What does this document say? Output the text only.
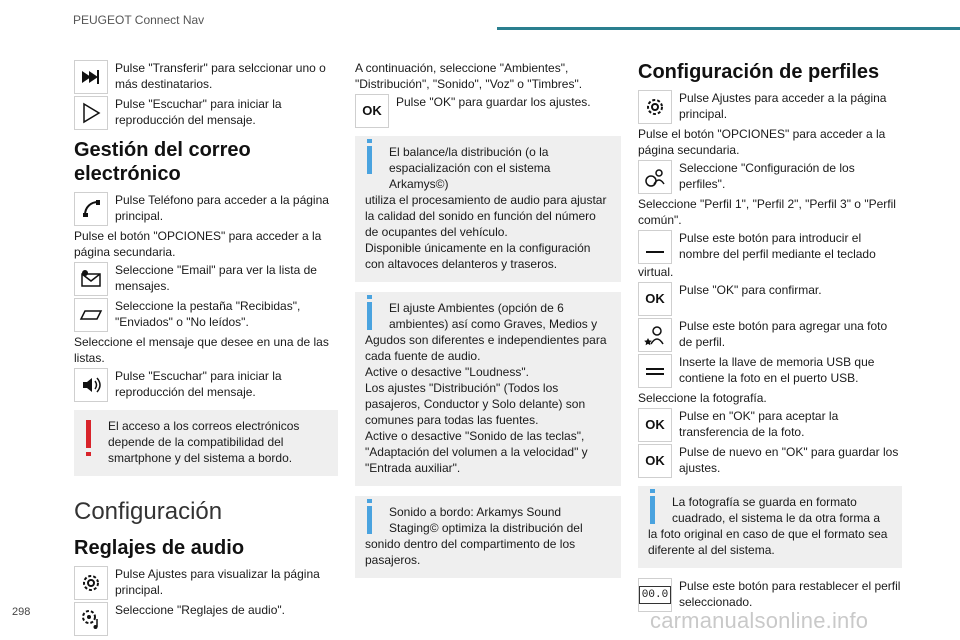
PEUGEOT Connect Nav
Pulse "Transferir" para selccionar uno o más destinatarios.
Pulse "Escuchar" para iniciar la reproducción del mensaje.
Gestión del correo electrónico
Pulse Teléfono para acceder a la página principal.

Pulse el botón "OPCIONES" para acceder a la página secundaria.

Seleccione "Email" para ver la lista de mensajes.
Seleccione la pestaña "Recibidas", "Enviados" o "No leídos".

Seleccione el mensaje que desee en una de las listas.

Pulse "Escuchar" para iniciar la reproducción del mensaje.
El acceso a los correos electrónicos depende de la compatibilidad del smartphone y del sistema a bordo.
Configuración
Reglajes de audio
Pulse Ajustes para visualizar la página principal.
Seleccione "Reglajes de audio".

A continuación, seleccione "Ambientes", "Distribución", "Sonido", "Voz" o "Timbres".

OK
Pulse "OK" para guardar los ajustes.
El balance/la distribución (o la espacialización con el sistema Arkamys©)

utiliza el procesamiento de audio para ajustar la calidad del sonido en función del número de ocupantes del vehículo.

Disponible únicamente en la configuración con altavoces delanteros y traseros.

El ajuste Ambientes (opción de 6 ambientes) así como Graves, Medios y

Agudos son diferentes e independientes para cada fuente de audio.

Active o desactive "Loudness".

Los ajustes "Distribución" (Todos los pasajeros, Conductor y Solo delante) son comunes para todas las fuentes.

Active o desactive "Sonido de las teclas", "Adaptación del volumen a la velocidad" y "Entrada auxiliar".

Sonido a bordo: Arkamys Sound Staging© optimiza la distribución del

sonido dentro del compartimento de los pasajeros.

Configuración de perfiles
Pulse Ajustes para acceder a la página principal.

Pulse el botón "OPCIONES" para acceder a la página secundaria.

Seleccione "Configuración de los perfiles".

Seleccione "Perfil 1", "Perfil 2", "Perfil 3" o "Perfil común".

Pulse este botón para introducir el nombre del perfil mediante el teclado

virtual.

OK
Pulse "OK" para confirmar.
Pulse este botón para agregar una foto de perfil.
Inserte la llave de memoria USB que contiene la foto en el puerto USB.

Seleccione la fotografía.

OK
Pulse en "OK" para aceptar la transferencia de la foto.
OK
Pulse de nuevo en "OK" para guardar los ajustes.
La fotografía se guarda en formato cuadrado, el sistema le da otra forma a

la foto original en caso de que el formato sea diferente al del sistema.

00.0
Pulse este botón para restablecer el perfil seleccionado.
298	carmanualsonline.info
